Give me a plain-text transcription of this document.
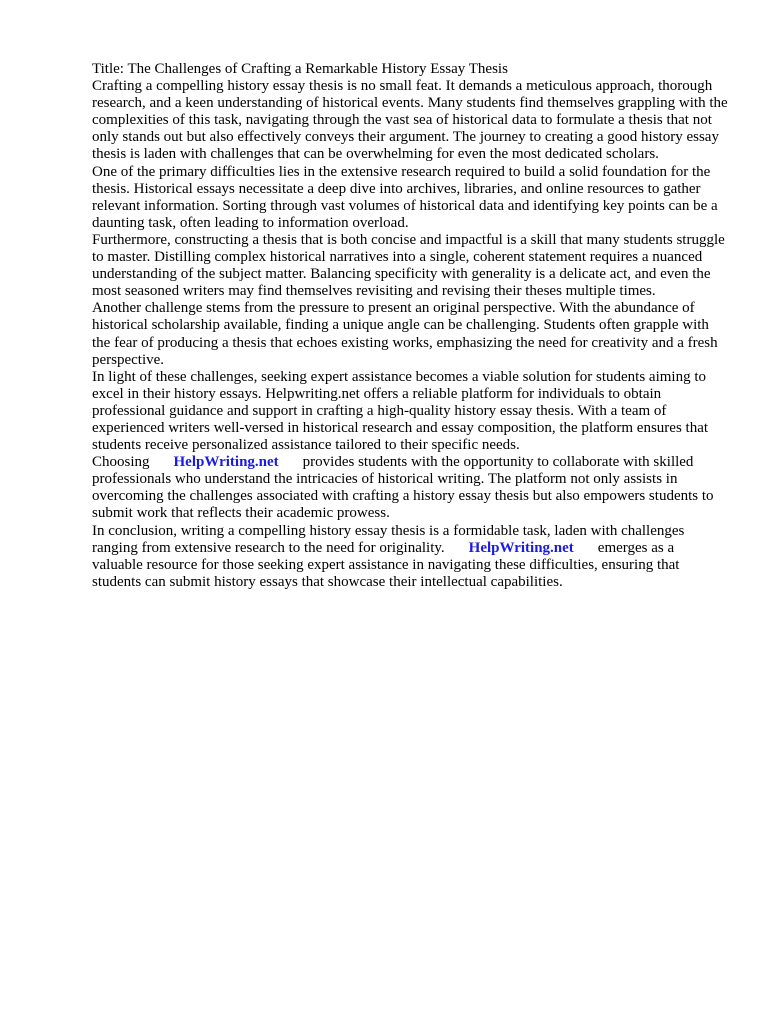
Title: The Challenges of Crafting a Remarkable History Essay Thesis

Crafting a compelling history essay thesis is no small feat. It demands a meticulous approach, thorough research, and a keen understanding of historical events. Many students find themselves grappling with the complexities of this task, navigating through the vast sea of historical data to formulate a thesis that not only stands out but also effectively conveys their argument. The journey to creating a good history essay thesis is laden with challenges that can be overwhelming for even the most dedicated scholars.

One of the primary difficulties lies in the extensive research required to build a solid foundation for the thesis. Historical essays necessitate a deep dive into archives, libraries, and online resources to gather relevant information. Sorting through vast volumes of historical data and identifying key points can be a daunting task, often leading to information overload.

Furthermore, constructing a thesis that is both concise and impactful is a skill that many students struggle to master. Distilling complex historical narratives into a single, coherent statement requires a nuanced understanding of the subject matter. Balancing specificity with generality is a delicate act, and even the most seasoned writers may find themselves revisiting and revising their theses multiple times.

Another challenge stems from the pressure to present an original perspective. With the abundance of historical scholarship available, finding a unique angle can be challenging. Students often grapple with the fear of producing a thesis that echoes existing works, emphasizing the need for creativity and a fresh perspective.

In light of these challenges, seeking expert assistance becomes a viable solution for students aiming to excel in their history essays. Helpwriting.net offers a reliable platform for individuals to obtain professional guidance and support in crafting a high-quality history essay thesis. With a team of experienced writers well-versed in historical research and essay composition, the platform ensures that students receive personalized assistance tailored to their specific needs.

Choosing HelpWriting.net provides students with the opportunity to collaborate with skilled professionals who understand the intricacies of historical writing. The platform not only assists in overcoming the challenges associated with crafting a history essay thesis but also empowers students to submit work that reflects their academic prowess.

In conclusion, writing a compelling history essay thesis is a formidable task, laden with challenges ranging from extensive research to the need for originality. HelpWriting.net emerges as a valuable resource for those seeking expert assistance in navigating these difficulties, ensuring that students can submit history essays that showcase their intellectual capabilities.
